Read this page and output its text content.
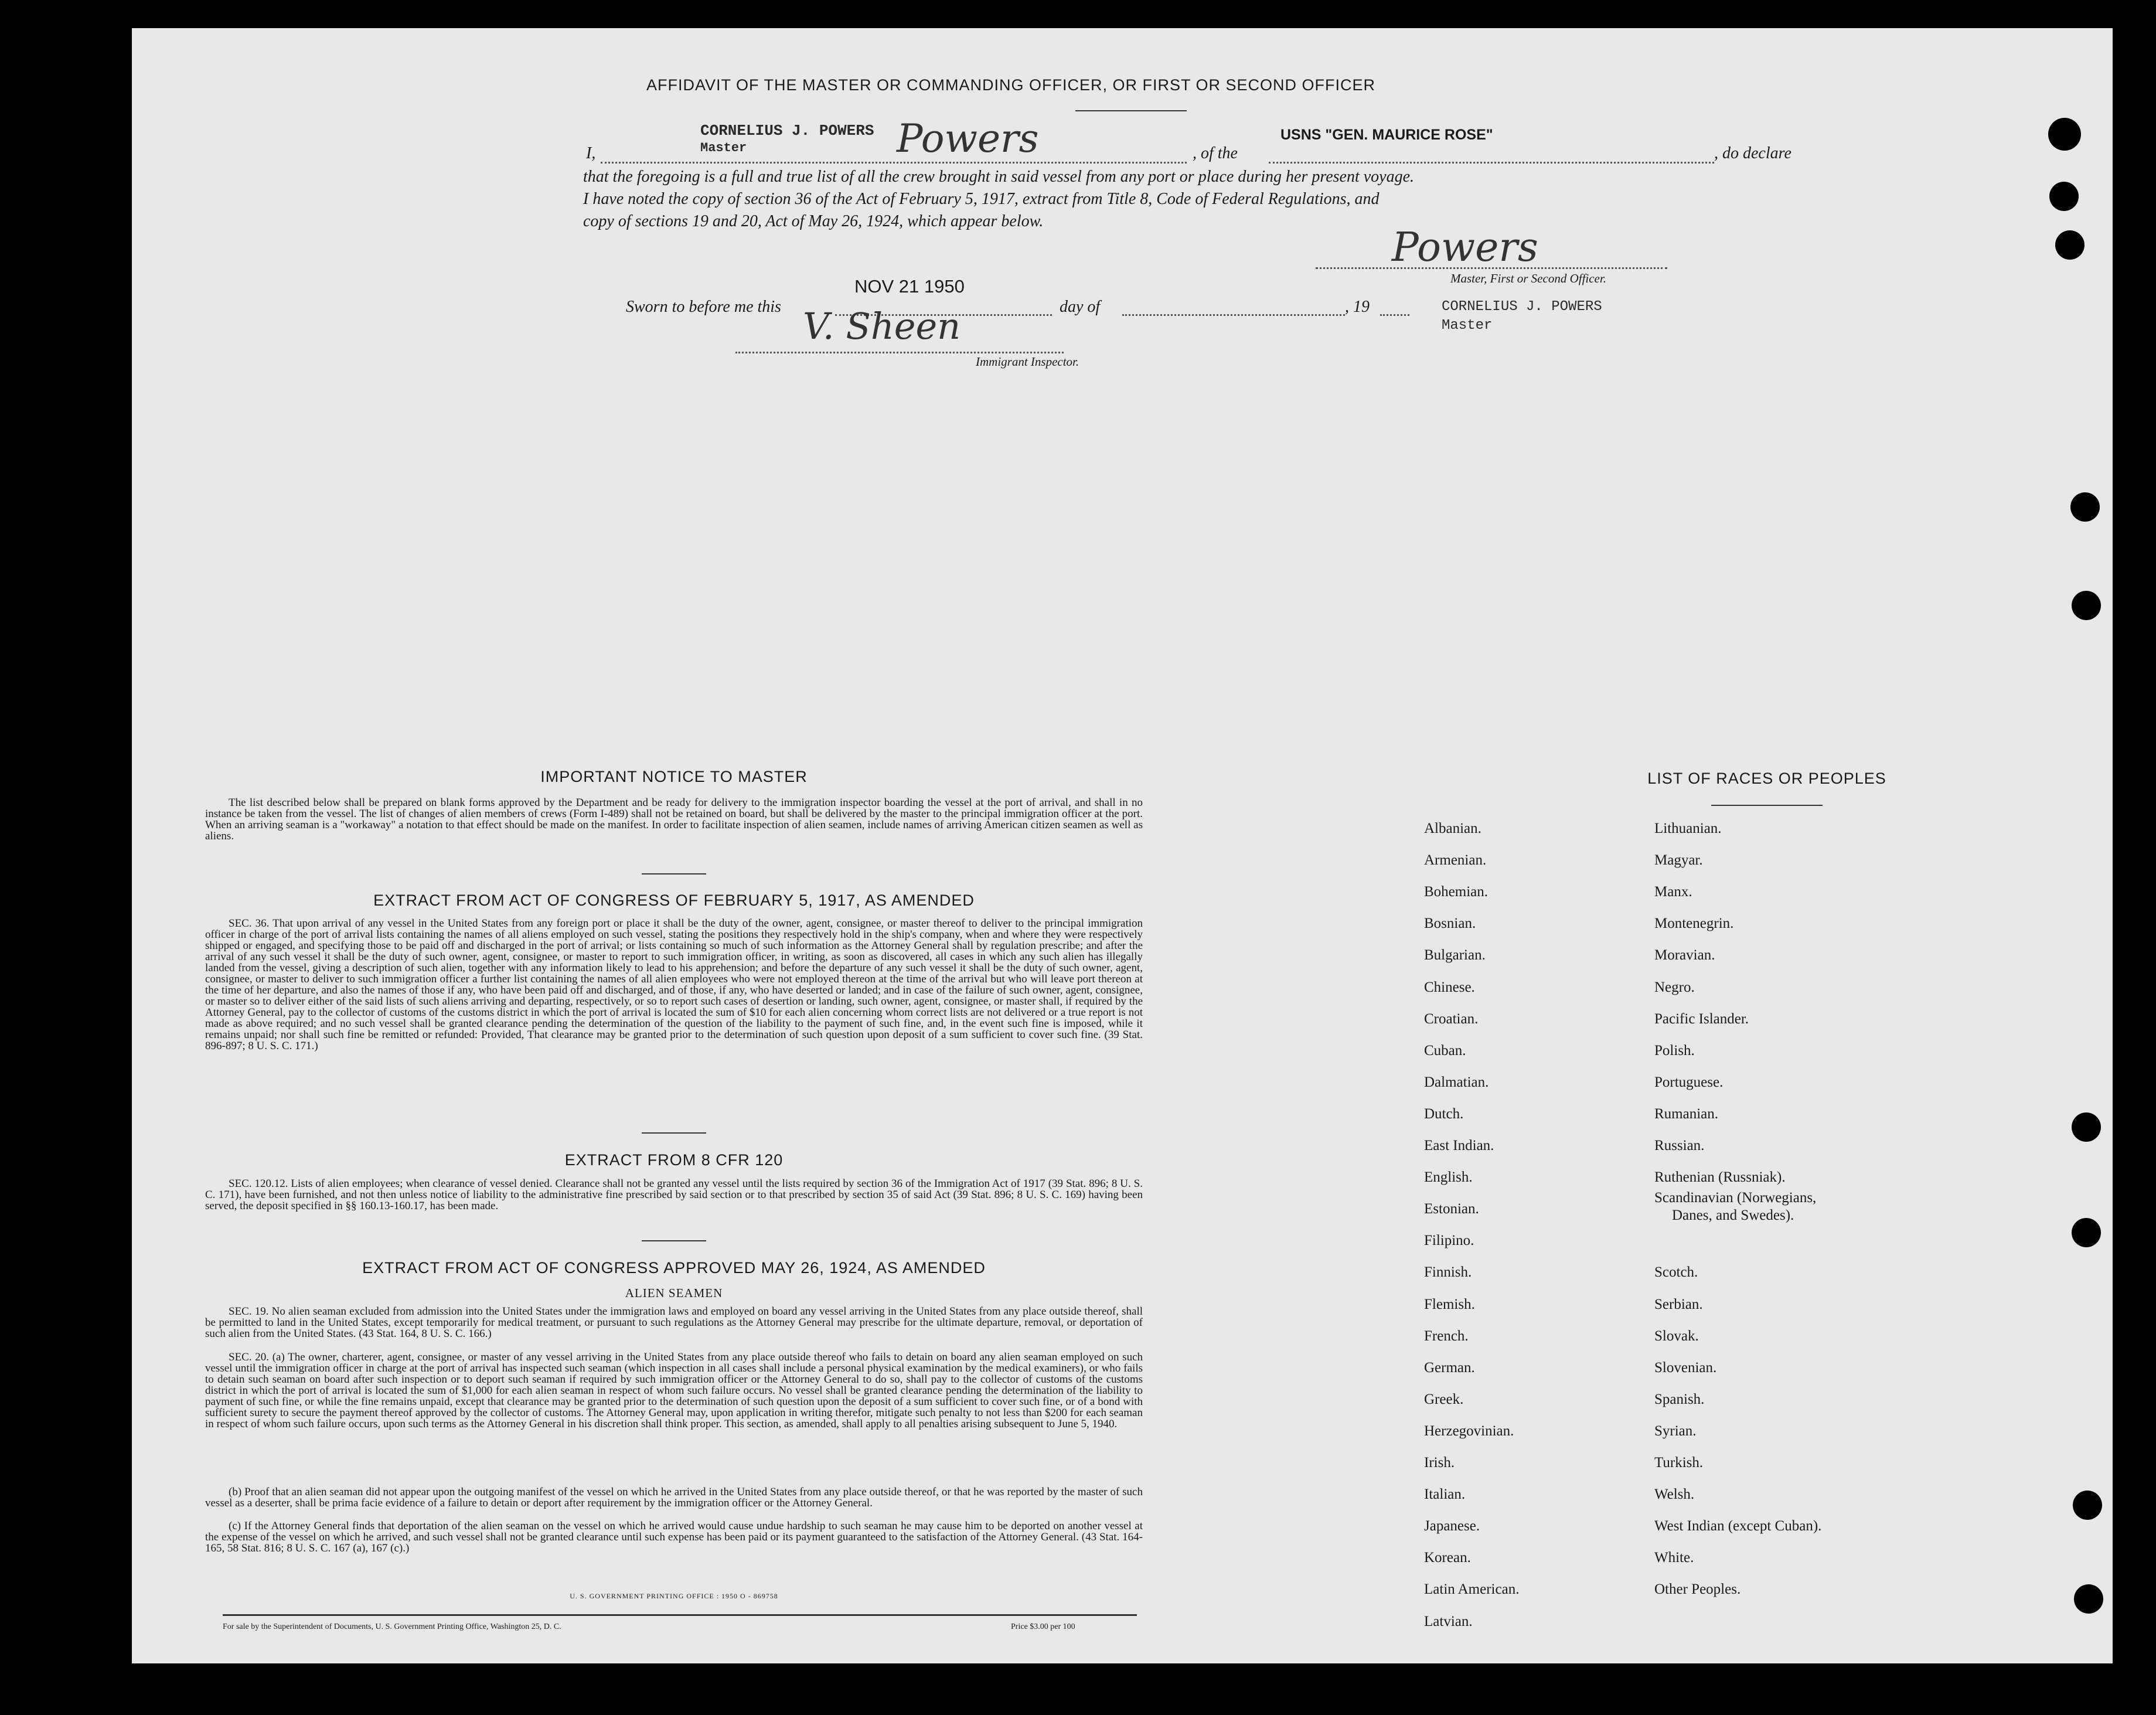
AFFIDAVIT OF THE MASTER OR COMMANDING OFFICER, OR FIRST OR SECOND OFFICER
I,
CORNELIUS J. POWERS
Master	Powers	, of the
USNS "GEN. MAURICE ROSE"
, do declare
that the foregoing is a full and true list of all the crew brought in said vessel from any port or place during her present voyage.
I have noted the copy of section 36 of the Act of February 5, 1917, extract from Title 8, Code of Federal Regulations, and
copy of sections 19 and 20, Act of May 26, 1924, which appear below.
Powers
Master, First or Second Officer.
Sworn to before me this
NOV 21 1950
day of	, 19	CORNELIUS J. POWERS
Master
V. Sheen
Immigrant Inspector.
IMPORTANT NOTICE TO MASTER
The list described below shall be prepared on blank forms approved by the Department and be ready for delivery to the immigration inspector boarding the vessel at the port of arrival, and shall in no instance be taken from the vessel. The list of changes of alien members of crews (Form I-489) shall not be retained on board, but shall be delivered by the master to the principal immigration officer at the port. When an arriving seaman is a "workaway" a notation to that effect should be made on the manifest. In order to facilitate inspection of alien seamen, include names of arriving American citizen seamen as well as aliens.
EXTRACT FROM ACT OF CONGRESS OF FEBRUARY 5, 1917, AS AMENDED
SEC. 36. That upon arrival of any vessel in the United States from any foreign port or place it shall be the duty of the owner, agent, consignee, or master thereof to deliver to the principal immigration officer in charge of the port of arrival lists containing the names of all aliens employed on such vessel, stating the positions they respectively hold in the ship's company, when and where they were respectively shipped or engaged, and specifying those to be paid off and discharged in the port of arrival; or lists containing so much of such information as the Attorney General shall by regulation prescribe; and after the arrival of any such vessel it shall be the duty of such owner, agent, consignee, or master to report to such immigration officer, in writing, as soon as discovered, all cases in which any such alien has illegally landed from the vessel, giving a description of such alien, together with any information likely to lead to his apprehension; and before the departure of any such vessel it shall be the duty of such owner, agent, consignee, or master to deliver to such immigration officer a further list containing the names of all alien employees who were not employed thereon at the time of the arrival but who will leave port thereon at the time of her departure, and also the names of those if any, who have been paid off and discharged, and of those, if any, who have deserted or landed; and in case of the failure of such owner, agent, consignee, or master so to deliver either of the said lists of such aliens arriving and departing, respectively, or so to report such cases of desertion or landing, such owner, agent, consignee, or master shall, if required by the Attorney General, pay to the collector of customs of the customs district in which the port of arrival is located the sum of $10 for each alien concerning whom correct lists are not delivered or a true report is not made as above required; and no such vessel shall be granted clearance pending the determination of the question of the liability to the payment of such fine, and, in the event such fine is imposed, while it remains unpaid; nor shall such fine be remitted or refunded: Provided, That clearance may be granted prior to the determination of such question upon deposit of a sum sufficient to cover such fine. (39 Stat. 896-897; 8 U. S. C. 171.)
EXTRACT FROM 8 CFR 120
SEC. 120.12. Lists of alien employees; when clearance of vessel denied. Clearance shall not be granted any vessel until the lists required by section 36 of the Immigration Act of 1917 (39 Stat. 896; 8 U. S. C. 171), have been furnished, and not then unless notice of liability to the administrative fine prescribed by said section or to that prescribed by section 35 of said Act (39 Stat. 896; 8 U. S. C. 169) having been served, the deposit specified in §§ 160.13-160.17, has been made.
EXTRACT FROM ACT OF CONGRESS APPROVED MAY 26, 1924, AS AMENDED
ALIEN SEAMEN
SEC. 19. No alien seaman excluded from admission into the United States under the immigration laws and employed on board any vessel arriving in the United States from any place outside thereof, shall be permitted to land in the United States, except temporarily for medical treatment, or pursuant to such regulations as the Attorney General may prescribe for the ultimate departure, removal, or deportation of such alien from the United States. (43 Stat. 164, 8 U. S. C. 166.)
SEC. 20. (a) The owner, charterer, agent, consignee, or master of any vessel arriving in the United States from any place outside thereof who fails to detain on board any alien seaman employed on such vessel until the immigration officer in charge at the port of arrival has inspected such seaman (which inspection in all cases shall include a personal physical examination by the medical examiners), or who fails to detain such seaman on board after such inspection or to deport such seaman if required by such immigration officer or the Attorney General to do so, shall pay to the collector of customs of the customs district in which the port of arrival is located the sum of $1,000 for each alien seaman in respect of whom such failure occurs. No vessel shall be granted clearance pending the determination of the liability to payment of such fine, or while the fine remains unpaid, except that clearance may be granted prior to the determination of such question upon the deposit of a sum sufficient to cover such fine, or of a bond with sufficient surety to secure the payment thereof approved by the collector of customs. The Attorney General may, upon application in writing therefor, mitigate such penalty to not less than $200 for each seaman in respect of whom such failure occurs, upon such terms as the Attorney General in his discretion shall think proper. This section, as amended, shall apply to all penalties arising subsequent to June 5, 1940.
(b) Proof that an alien seaman did not appear upon the outgoing manifest of the vessel on which he arrived in the United States from any place outside thereof, or that he was reported by the master of such vessel as a deserter, shall be prima facie evidence of a failure to detain or deport after requirement by the immigration officer or the Attorney General.
(c) If the Attorney General finds that deportation of the alien seaman on the vessel on which he arrived would cause undue hardship to such seaman he may cause him to be deported on another vessel at the expense of the vessel on which he arrived, and such vessel shall not be granted clearance until such expense has been paid or its payment guaranteed to the satisfaction of the Attorney General. (43 Stat. 164-165, 58 Stat. 816; 8 U. S. C. 167 (a), 167 (c).)
U. S. GOVERNMENT PRINTING OFFICE : 1950 O - 869758
For sale by the Superintendent of Documents, U. S. Government Printing Office, Washington 25, D. C.	Price $3.00 per 100
LIST OF RACES OR PEOPLES
Albanian.
Armenian.
Bohemian.
Bosnian.
Bulgarian.
Chinese.
Croatian.
Cuban.
Dalmatian.
Dutch.
East Indian.
English.
Estonian.
Filipino.
Finnish.
Flemish.
French.
German.
Greek.
Herzegovinian.
Irish.
Italian.
Japanese.
Korean.
Latin American.
Latvian.
Lithuanian.
Magyar.
Manx.
Montenegrin.
Moravian.
Negro.
Pacific Islander.
Polish.
Portuguese.
Rumanian.
Russian.
Ruthenian (Russniak).
Scandinavian (Norwegians,
Danes, and Swedes).
Scotch.
Serbian.
Slovak.
Slovenian.
Spanish.
Syrian.
Turkish.
Welsh.
West Indian (except Cuban).
White.
Other Peoples.
